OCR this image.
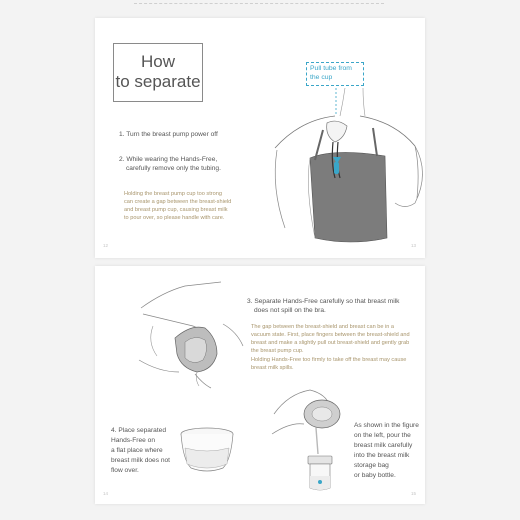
How
to separate
1. Turn the breast pump power off
2. While wearing the Hands-Free,
carefully remove only the tubing.
Holding the breast pump cup too strong
can create a gap between the breast-shield
and breast pump cup, causing breast milk
to pour over, so please handle with care.
Pull tube from
the cup
12	13
3. Separate Hands-Free carefully so that breast milk
does not spill on the bra.
The gap between the breast-shield and breast can be in a
vacuum state. First, place fingers between the breast-shield and
breast and make a slightly pull out breast-shield and gently grab
the breast pump cup.
Holding Hands-Free too firmly to take off the breast may cause
breast milk spills.
4. Place separated
Hands-Free on
a flat place where
breast milk does not
flow over.
As shown in the figure
on the left, pour the
breast milk carefully
into the breast milk
storage bag
or baby bottle.
14	15
